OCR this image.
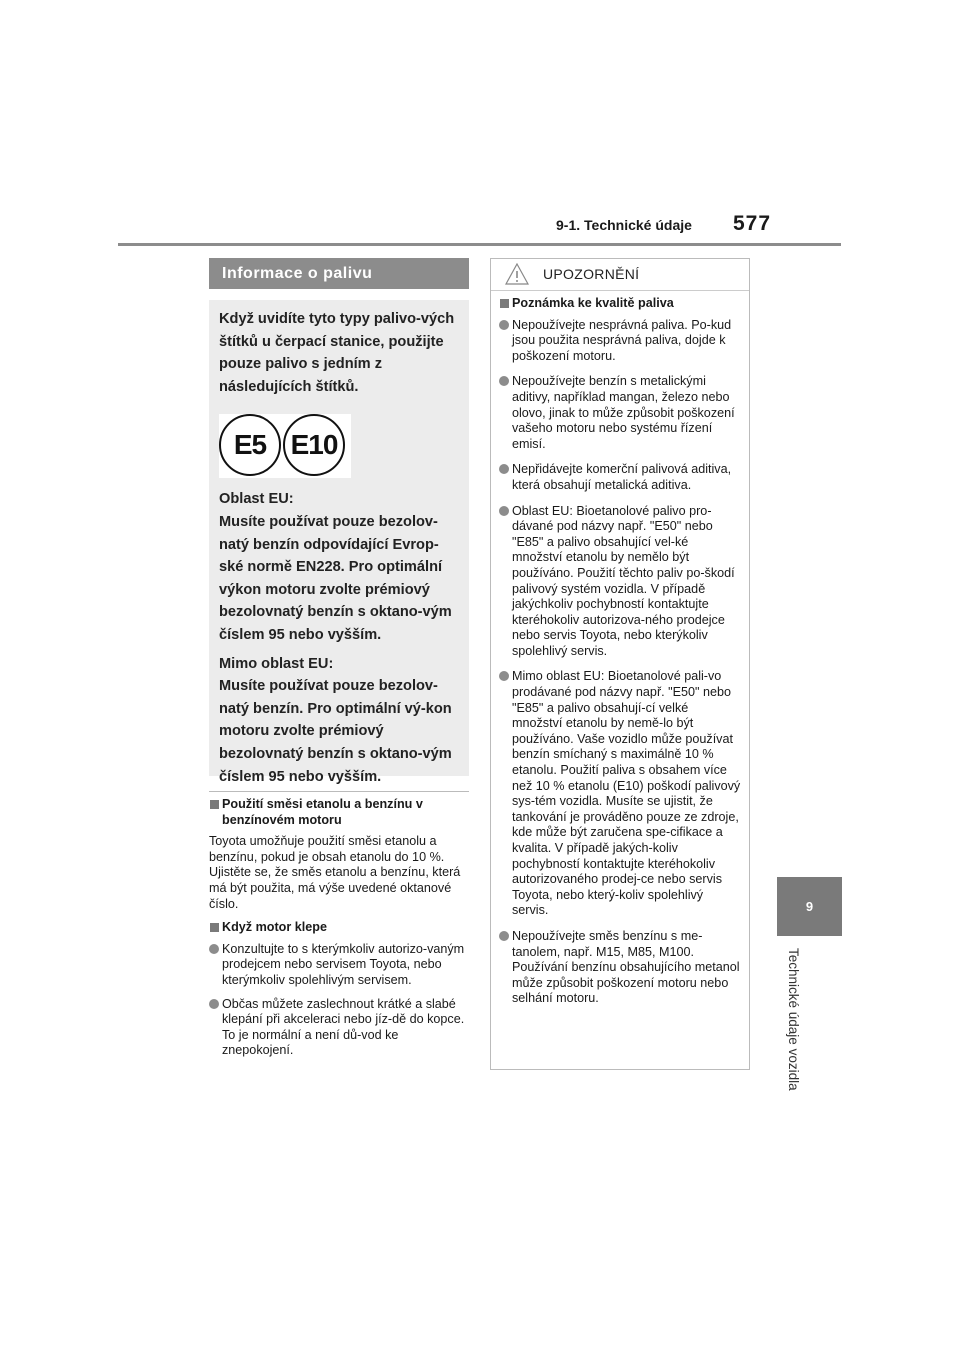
9-1. Technické údaje 577
9
Technické údaje vozidla
Informace o palivu

Když uvidíte tyto typy palivo-vých štítků u čerpací stanice, použijte pouze palivo s jedním z následujících štítků.

E5 E10

Oblast EU:

Musíte používat pouze bezolov-natý benzín odpovídající Evrop-ské normě EN228. Pro optimální výkon motoru zvolte prémiový bezolovnatý benzín s oktano-vým číslem 95 nebo vyšším.

Mimo oblast EU:

Musíte používat pouze bezolov-natý benzín. Pro optimální vý-kon motoru zvolte prémiový bezolovnatý benzín s oktano-vým číslem 95 nebo vyšším.

Použití směsi etanolu a benzínu v benzínovém motoru

Toyota umožňuje použití směsi etanolu a benzínu, pokud je obsah etanolu do 10 %. Ujistěte se, že směs etanolu a benzínu, která má být použita, má výše uvedené oktanové číslo.

Když motor klepe

Konzultujte to s kterýmkoliv autorizo-vaným prodejcem nebo servisem Toyota, nebo kterýmkoliv spolehlivým servisem.

Občas můžete zaslechnout krátké a slabé klepání při akceleraci nebo jíz-dě do kopce. To je normální a není dů-vod ke znepokojení.

UPOZORNĚNÍ

Poznámka ke kvalitě paliva

Nepoužívejte nesprávná paliva. Po-kud jsou použita nesprávná paliva, dojde k poškození motoru.

Nepoužívejte benzín s metalickými aditivy, například mangan, železo nebo olovo, jinak to může způsobit poškození vašeho motoru nebo systému řízení emisí.

Nepřidávejte komerční palivová aditiva, která obsahují metalická aditiva.

Oblast EU: Bioetanolové palivo pro-dávané pod názvy např. "E50" nebo "E85" a palivo obsahující vel-ké množství etanolu by nemělo být používáno. Použití těchto paliv po-škodí palivový systém vozidla. V případě jakýchkoliv pochybností kontaktujte kteréhokoliv autorizova-ného prodejce nebo servis Toyota, nebo kterýkoliv spolehlivý servis.

Mimo oblast EU: Bioetanolové pali-vo prodávané pod názvy např. "E50" nebo "E85" a palivo obsahují-cí velké množství etanolu by nemě-lo být používáno. Vaše vozidlo může používat benzín smíchaný s maximálně 10 % etanolu. Použití paliva s obsahem více než 10 % etanolu (E10) poškodí palivový sys-tém vozidla. Musíte se ujistit, že tankování je prováděno pouze ze zdroje, kde může být zaručena spe-cifikace a kvalita. V případě jakých-koliv pochybností kontaktujte kteréhokoliv autorizovaného prodej-ce nebo servis Toyota, nebo který-koliv spolehlivý servis.

Nepoužívejte směs benzínu s me-tanolem, např. M15, M85, M100. Používání benzínu obsahujícího metanol může způsobit poškození motoru nebo selhání motoru.
